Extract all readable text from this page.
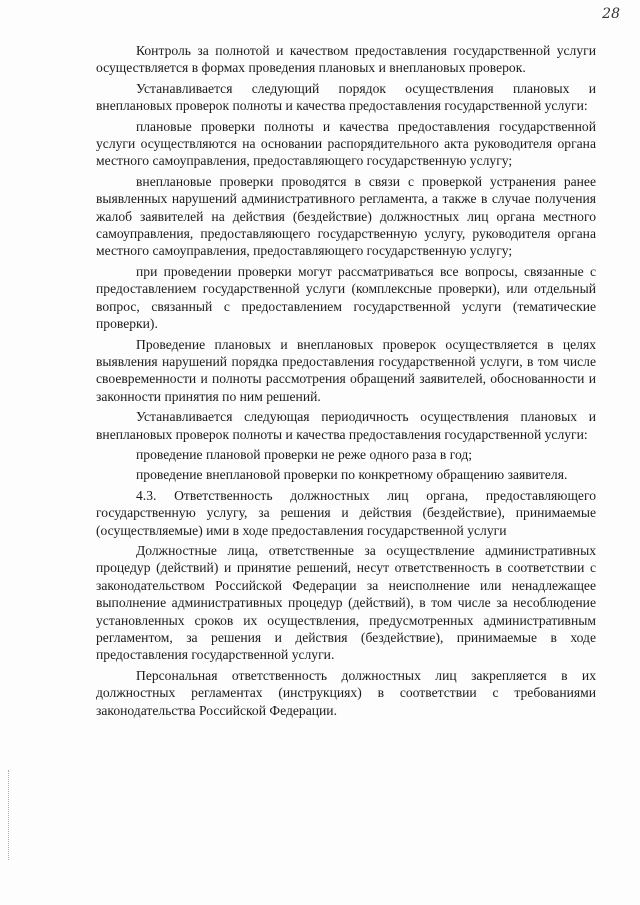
28

Контроль за полнотой и качеством предоставления государственной услуги осуществляется в формах проведения плановых и внеплановых проверок.

Устанавливается следующий порядок осуществления плановых и внеплановых проверок полноты и качества предоставления государственной услуги:

плановые проверки полноты и качества предоставления государственной услуги осуществляются на основании распорядительного акта руководителя органа местного самоуправления, предоставляющего государственную услугу;

внеплановые проверки проводятся в связи с проверкой устранения ранее выявленных нарушений административного регламента, а также в случае получения жалоб заявителей на действия (бездействие) должностных лиц органа местного самоуправления, предоставляющего государственную услугу, руководителя органа местного самоуправления, предоставляющего государственную услугу;

при проведении проверки могут рассматриваться все вопросы, связанные с предоставлением государственной услуги (комплексные проверки), или отдельный вопрос, связанный с предоставлением государственной услуги (тематические проверки).

Проведение плановых и внеплановых проверок осуществляется в целях выявления нарушений порядка предоставления государственной услуги, в том числе своевременности и полноты рассмотрения обращений заявителей, обоснованности и законности принятия по ним решений.

Устанавливается следующая периодичность осуществления плановых и внеплановых проверок полноты и качества предоставления государственной услуги:

проведение плановой проверки не реже одного раза в год;

проведение внеплановой проверки по конкретному обращению заявителя.

4.3. Ответственность должностных лиц органа, предоставляющего государственную услугу, за решения и действия (бездействие), принимаемые (осуществляемые) ими в ходе предоставления государственной услуги

Должностные лица, ответственные за осуществление административных процедур (действий) и принятие решений, несут ответственность в соответствии с законодательством Российской Федерации за неисполнение или ненадлежащее выполнение административных процедур (действий), в том числе за несоблюдение установленных сроков их осуществления, предусмотренных административным регламентом, за решения и действия (бездействие), принимаемые в ходе предоставления государственной услуги.

Персональная ответственность должностных лиц закрепляется в их должностных регламентах (инструкциях) в соответствии с требованиями законодательства Российской Федерации.
